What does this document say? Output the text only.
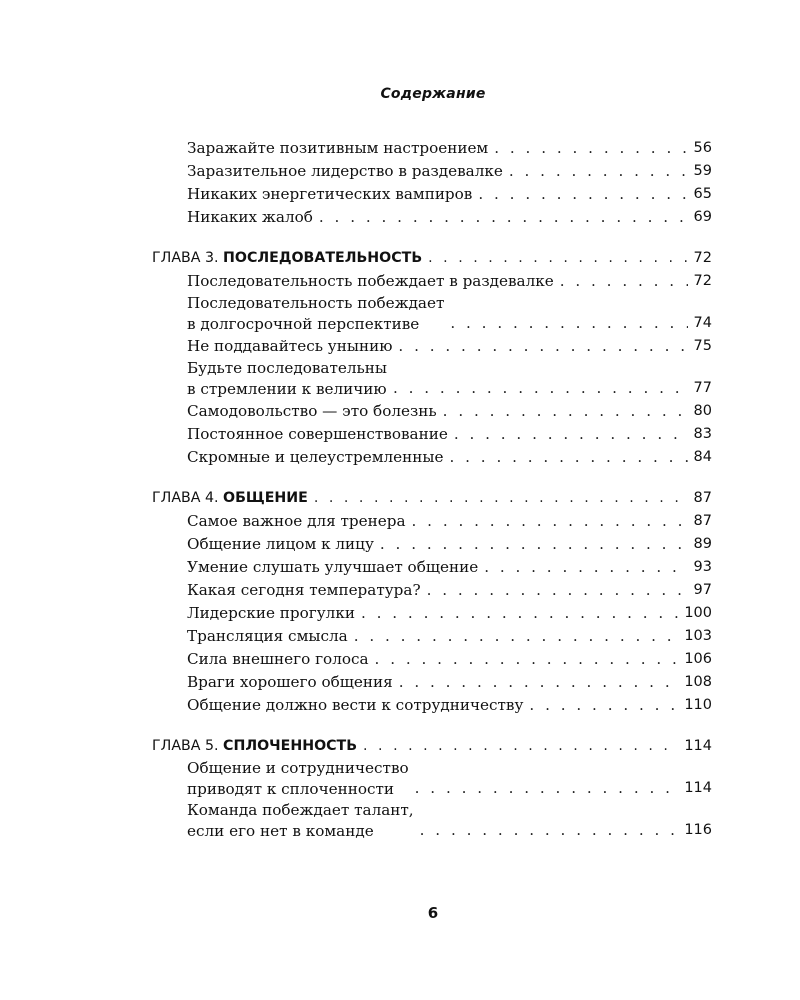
Содержание
Заражайте позитивным настроением . . .	56
Заразительное лидерство в раздевалке . . .	59
Никаких энергетических вампиров . . .	65
Никаких жалоб . . .	69
ГЛАВА 3. ПОСЛЕДОВАТЕЛЬНОСТЬ . . .	72
Последовательность побеждает в раздевалке . . .	72
Последовательность побеждает
в долгосрочной перспективе . . .	74
Не поддавайтесь унынию . . .	75
Будьте последовательны
в стремлении к величию . . .	77
Самодовольство — это болезнь . . .	80
Постоянное совершенствование . . .	83
Скромные и целеустремленные . . .	84
ГЛАВА 4. ОБЩЕНИЕ . . .	87
Самое важное для тренера . . .	87
Общение лицом к лицу . . .	89
Умение слушать улучшает общение . . .	93
Какая сегодня температура? . . .	97
Лидерские прогулки . . .	100
Трансляция смысла . . .	103
Сила внешнего голоса . . .	106
Враги хорошего общения . . .	108
Общение должно вести к сотрудничеству . . .	110
ГЛАВА 5. СПЛОЧЕННОСТЬ . . .	114
Общение и сотрудничество
приводят к сплоченности . . .	114
Команда побеждает талант,
если его нет в команде . . .	116
6
